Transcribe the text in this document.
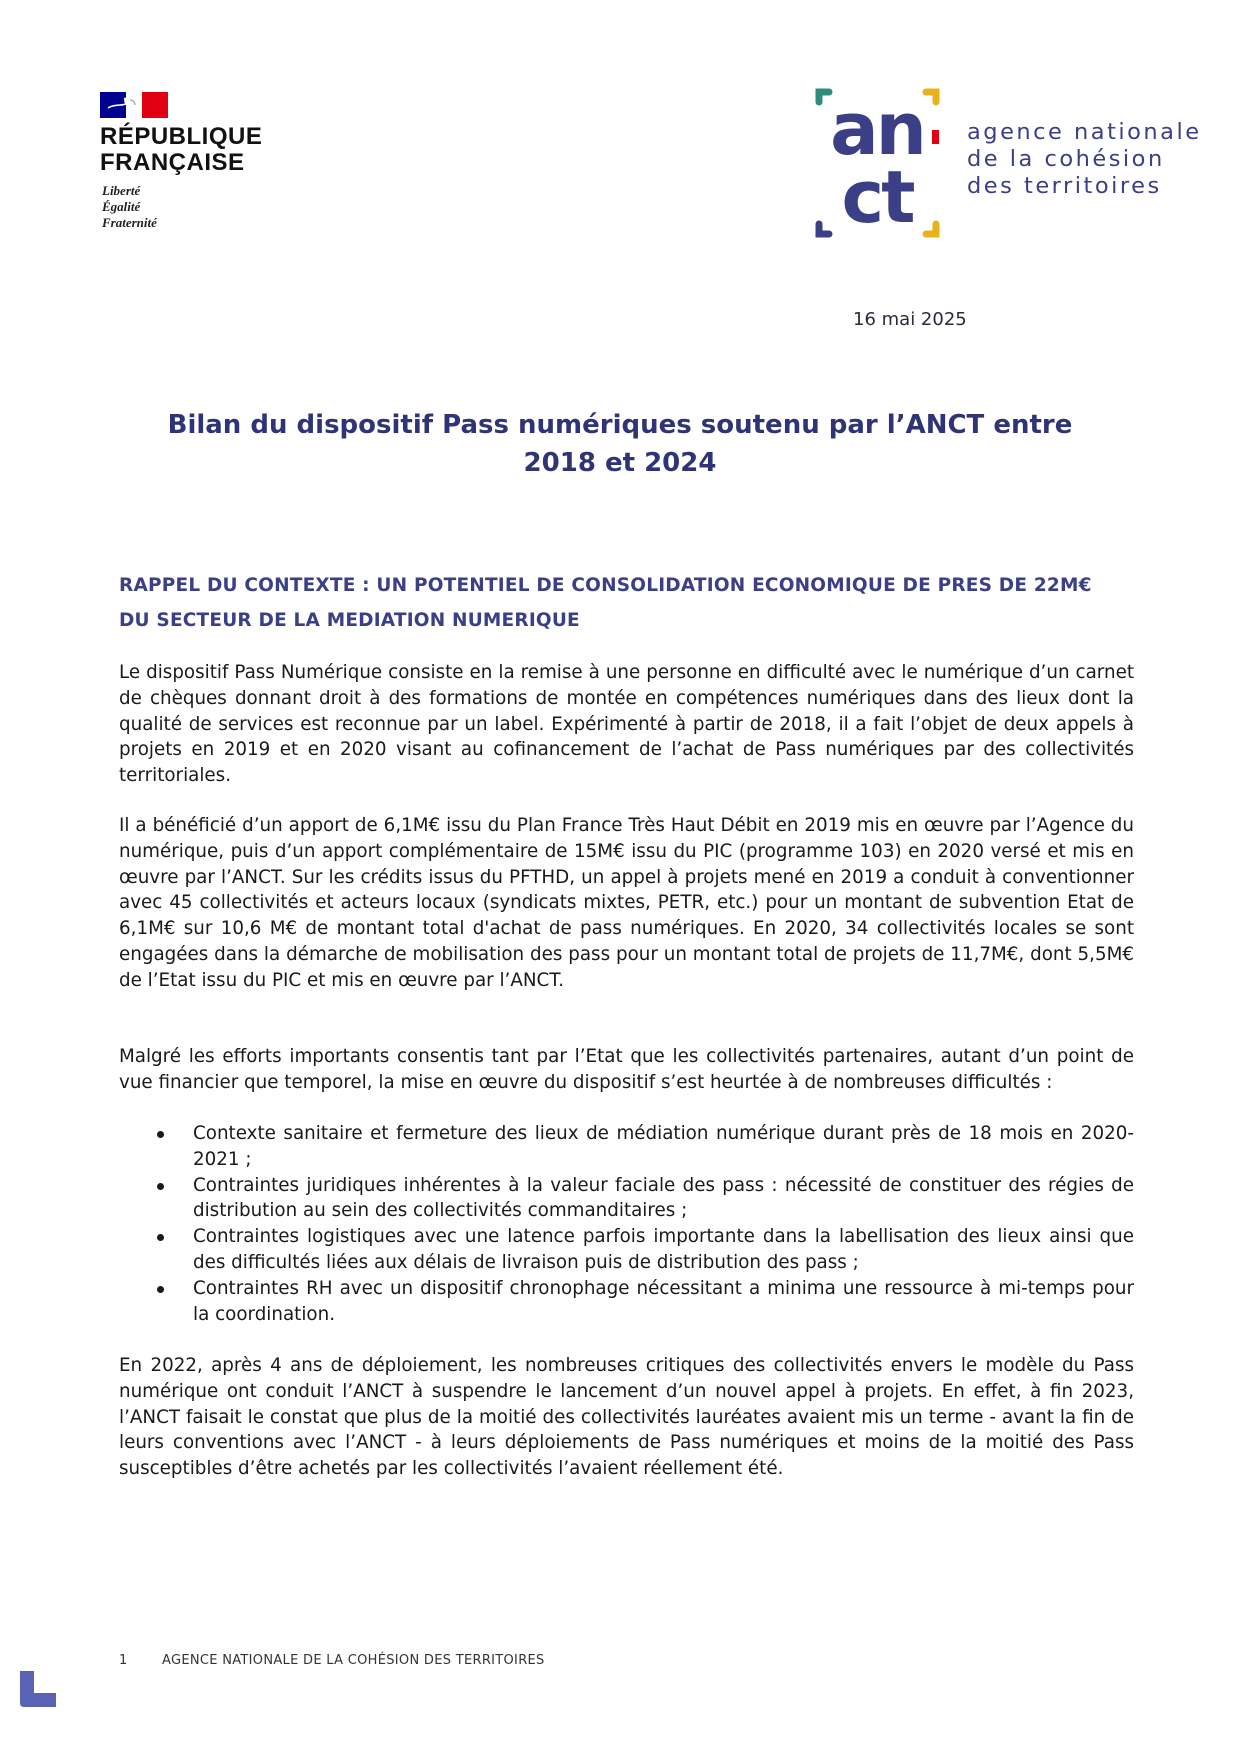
RÉPUBLIQUE
FRANÇAISE
Liberté
Égalité
Fraternité
an
ct
agence nationale
de la cohésion
des territoires
16 mai 2025
Bilan du dispositif Pass numériques soutenu par l’ANCT entre 2018 et 2024
RAPPEL DU CONTEXTE : UN POTENTIEL DE CONSOLIDATION ECONOMIQUE DE PRES DE 22M€ DU SECTEUR DE LA MEDIATION NUMERIQUE
Le dispositif Pass Numérique consiste en la remise à une personne en difficulté avec le numérique d’un carnet de chèques donnant droit à des formations de montée en compétences numériques dans des lieux dont la qualité de services est reconnue par un label. Expérimenté à partir de 2018, il a fait l’objet de deux appels à projets en 2019 et en 2020 visant au cofinancement de l’achat de Pass numériques par des collectivités territoriales.
Il a bénéficié d’un apport de 6,1M€ issu du Plan France Très Haut Débit en 2019 mis en œuvre par l’Agence du numérique, puis d’un apport complémentaire de 15M€ issu du PIC (programme 103) en 2020 versé et mis en œuvre par l’ANCT. Sur les crédits issus du PFTHD, un appel à projets mené en 2019 a conduit à conventionner avec 45 collectivités et acteurs locaux (syndicats mixtes, PETR, etc.) pour un montant de subvention Etat de 6,1M€ sur 10,6 M€ de montant total d'achat de pass numériques. En 2020, 34 collectivités locales se sont engagées dans la démarche de mobilisation des pass pour un montant total de projets de 11,7M€, dont 5,5M€ de l’Etat issu du PIC et mis en œuvre par l’ANCT.
Malgré les efforts importants consentis tant par l’Etat que les collectivités partenaires, autant d’un point de vue financier que temporel, la mise en œuvre du dispositif s’est heurtée à de nombreuses difficultés :
Contexte sanitaire et fermeture des lieux de médiation numérique durant près de 18 mois en 2020-2021 ;
Contraintes juridiques inhérentes à la valeur faciale des pass : nécessité de constituer des régies de distribution au sein des collectivités commanditaires ;
Contraintes logistiques avec une latence parfois importante dans la labellisation des lieux ainsi que des difficultés liées aux délais de livraison puis de distribution des pass ;
Contraintes RH avec un dispositif chronophage nécessitant a minima une ressource à mi-temps pour la coordination.
En 2022, après 4 ans de déploiement, les nombreuses critiques des collectivités envers le modèle du Pass numérique ont conduit l’ANCT à suspendre le lancement d’un nouvel appel à projets. En effet, à fin 2023, l’ANCT faisait le constat que plus de la moitié des collectivités lauréates avaient mis un terme - avant la fin de leurs conventions avec l’ANCT - à leurs déploiements de Pass numériques et moins de la moitié des Pass susceptibles d’être achetés par les collectivités l’avaient réellement été.
1	AGENCE NATIONALE DE LA COHÉSION DES TERRITOIRES
